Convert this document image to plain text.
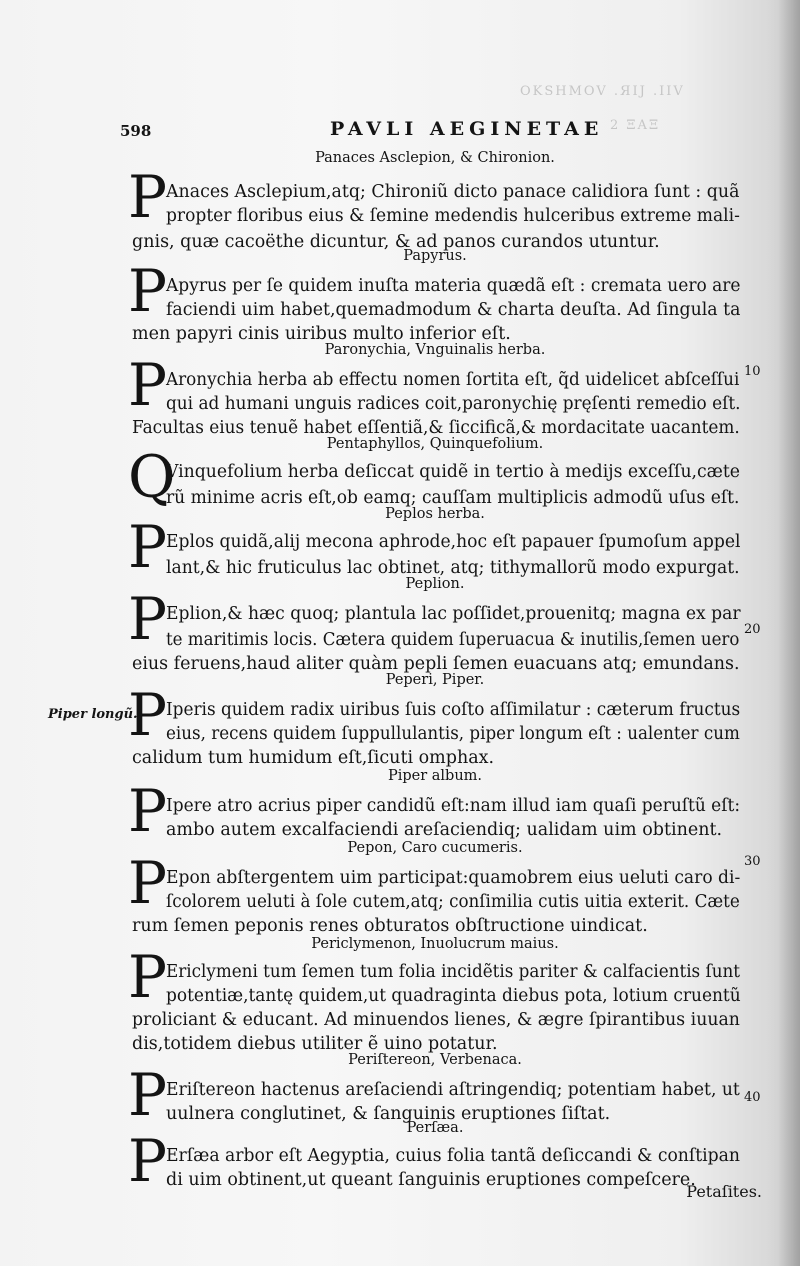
OKSHMOV .ЯIJ .IIV
2 ΞΑΞ
598	PAVLI AEGINETAE
Panaces Asclepion, & Chironion.
P
Anaces Asclepium,atq; Chironiũ dicto panace calidiora ſunt : quã
propter floribus eius & ſemine medendis hulceribus extreme mali-
gnis, quæ cacoëthe dicuntur, & ad panos curandos utuntur.
Papyrus.
P
Apyrus per ſe quidem inuſta materia quædã eſt : cremata uero are
faciendi uim habet,quemadmodum & charta deuſta. Ad ſingula ta
men papyri cinis uiribus multo inferior eſt.
Paronychia, Vnguinalis herba.
P
Aronychia herba ab effectu nomen ſortita eſt, q̃d uidelicet abſceſſui
qui ad humani unguis radices coit,paronychię pręſenti remedio eſt.
Facultas eius tenuẽ habet eſſentiã,& ſiccificã,& mordacitate uacantem.
Pentaphyllos, Quinquefolium.
Q
Vinquefolium herba deſiccat quidẽ in tertio à medijs exceſſu,cæte
rũ minime acris eſt,ob eamq; cauſſam multiplicis admodũ uſus eſt.
Peplos herba.
P
Eplos quidã,alij mecona aphrode,hoc eſt papauer ſpumoſum appel
lant,& hic fruticulus lac obtinet, atq; tithymallorũ modo expurgat.
Peplion.
P
Eplion,& hæc quoq; plantula lac poſſidet,prouenitq; magna ex par
te maritimis locis. Cætera quidem ſuperuacua & inutilis,ſemen uero
eius feruens,haud aliter quàm pepli ſemen euacuans atq; emundans.
Peperi, Piper.
P
Iperis quidem radix uiribus ſuis coſto aſſimilatur : cæterum fructus
eius, recens quidem ſuppullulantis, piper longum eſt : ualenter cum
calidum tum humidum eſt,ſicuti omphax.
Piper album.
P
Ipere atro acrius piper candidũ eſt:nam illud iam quaſi peruſtũ eſt:
ambo autem excalfaciendi areſaciendiq; ualidam uim obtinent.
Pepon, Caro cucumeris.
P
Epon abſtergentem uim participat:quamobrem eius ueluti caro di-
ſcolorem ueluti à ſole cutem,atq; conſimilia cutis uitia exterit. Cæte
rum ſemen peponis renes obturatos obſtructione uindicat.
Periclymenon, Inuolucrum maius.
P
Ericlymeni tum ſemen tum folia incidẽtis pariter & calfacientis ſunt
potentiæ,tantę quidem,ut quadraginta diebus pota, lotium cruentũ
proliciant & educant. Ad minuendos lienes, & ægre ſpirantibus iuuan
dis,totidem diebus utiliter ẽ uino potatur.
Periſtereon, Verbenaca.
P
Eriſtereon hactenus areſaciendi aſtringendiq; potentiam habet, ut
uulnera conglutinet, & ſanguinis eruptiones ſiſtat.
Perſæa.
P
Erſæa arbor eſt Aegyptia, cuius folia tantã deſiccandi & conſtipan
di uim obtinent,ut queant ſanguinis eruptiones compeſcere.
Piper longũ.
10
20
30
40
Petaſites.
